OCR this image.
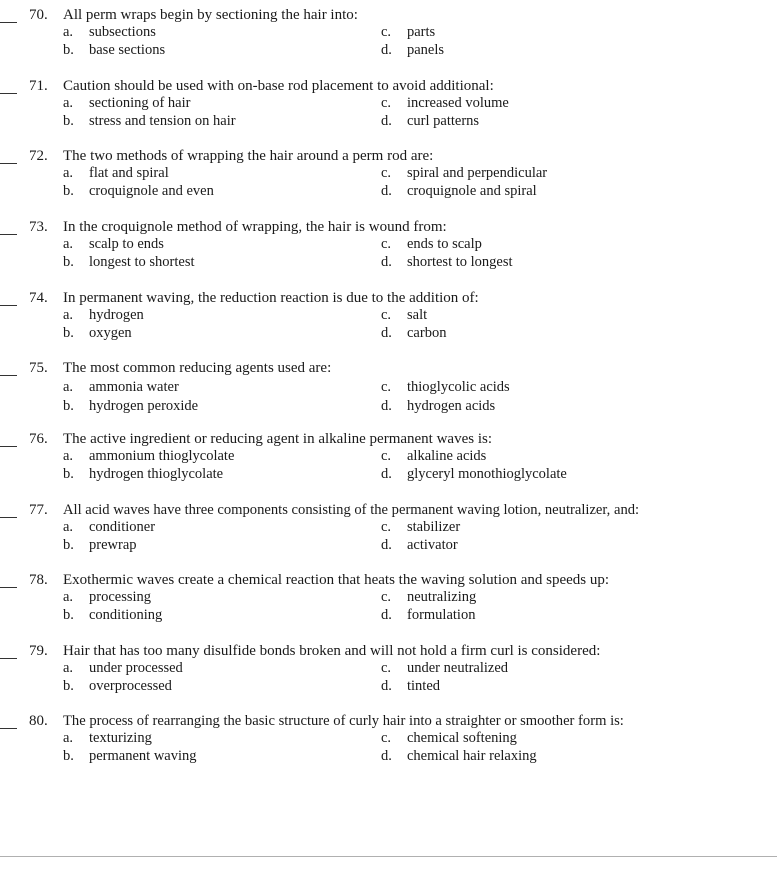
70. All perm wraps begin by sectioning the hair into:
a. subsections
b. base sections
c. parts
d. panels
71. Caution should be used with on-base rod placement to avoid additional:
a. sectioning of hair
b. stress and tension on hair
c. increased volume
d. curl patterns
72. The two methods of wrapping the hair around a perm rod are:
a. flat and spiral
b. croquignole and even
c. spiral and perpendicular
d. croquignole and spiral
73. In the croquignole method of wrapping, the hair is wound from:
a. scalp to ends
b. longest to shortest
c. ends to scalp
d. shortest to longest
74. In permanent waving, the reduction reaction is due to the addition of:
a. hydrogen
b. oxygen
c. salt
d. carbon
75. The most common reducing agents used are:
a. ammonia water
b. hydrogen peroxide
c. thioglycolic acids
d. hydrogen acids
76. The active ingredient or reducing agent in alkaline permanent waves is:
a. ammonium thioglycolate
b. hydrogen thioglycolate
c. alkaline acids
d. glyceryl monothioglycolate
77. All acid waves have three components consisting of the permanent waving lotion, neutralizer, and:
a. conditioner
b. prewrap
c. stabilizer
d. activator
78. Exothermic waves create a chemical reaction that heats the waving solution and speeds up:
a. processing
b. conditioning
c. neutralizing
d. formulation
79. Hair that has too many disulfide bonds broken and will not hold a firm curl is considered:
a. under processed
b. overprocessed
c. under neutralized
d. tinted
80. The process of rearranging the basic structure of curly hair into a straighter or smoother form is:
a. texturizing
b. permanent waving
c. chemical softening
d. chemical hair relaxing
